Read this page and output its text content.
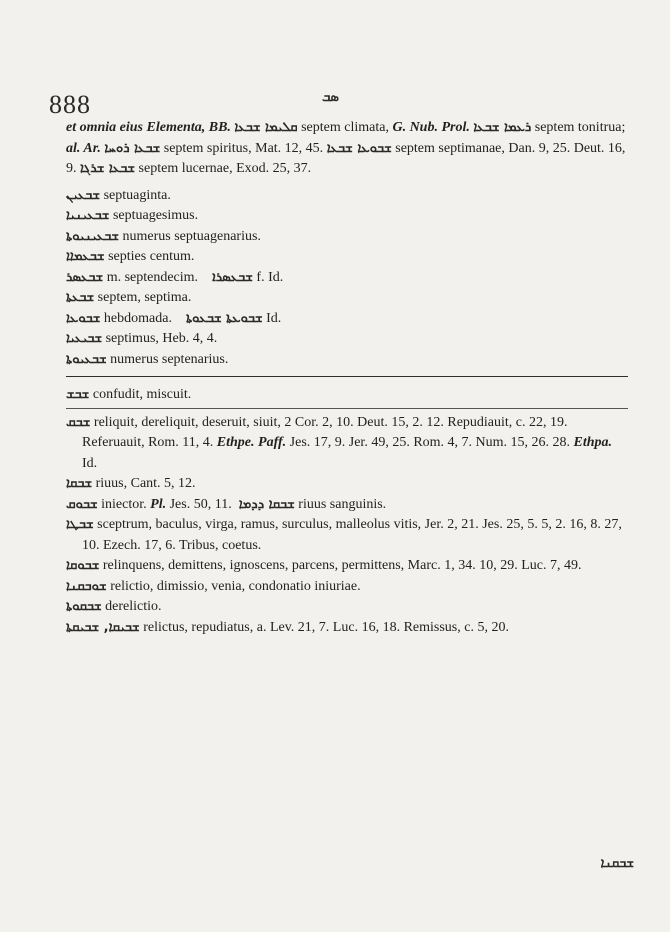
888	ܣܒ

et omnia eius Elementa, BB. ܩܠܝܡܐ ܫܒܥܐ septem climata, G. Nub. Prol. ܪܥܡܐ ܫܒܥܐ septem tonitrua; al. Ar. ܫܒܥܐ ܪܘܚܐ septem spiritus, Mat. 12, 45. ܫܒܘܥܐ ܫܒܥܐ septem septimanae, Dan. 9, 25. Deut. 16, 9. ܫܒܥܐ ܫܪܓܐ septem lucernae, Exod. 25, 37.

ܫܒܥܝܢ septuaginta.

ܫܒܥܝܢܝܐ septuagesimus.

ܫܒܥܝܢܝܘܬܐ numerus septuagenarius.

ܫܒܥܡܐܐ septies centum.

ܫܒܥܣܪ m. septendecim. ܫܒܥܣܪܐ f. Id.

ܫܒܥܬܐ septem, septima.

ܫܒܘܥܐ hebdomada. ܫܒܘܥܬܐ ܫܒܥܘܬܐ Id.

ܫܒܝܥܝܐ septimus, Heb. 4, 4.

ܫܒܥܝܘܬܐ numerus septenarius.

ܫܒܫ confudit, miscuit.

ܫܒܩ reliquit, dereliquit, deseruit, siuit, 2 Cor. 2, 10. Deut. 15, 2. 12. Repudiauit, c. 22, 19. Referuauit, Rom. 11, 4. Ethpe. Paff. Jes. 17, 9. Jer. 49, 25. Rom. 4, 7. Num. 15, 26. 28. Ethpa. Id.

ܫܒܩܐ riuus, Cant. 5, 12.

ܫܒܘܩ iniector. Pl. Jes. 50, 11. ܫܒܩܐ ܕܕܡܐ riuus sanguinis.

ܫܒܛܐ sceptrum, baculus, virga, ramus, surculus, malleolus vitis, Jer. 2, 21. Jes. 25, 5. 5, 2. 16, 8. 27, 10. Ezech. 17, 6. Tribus, coetus.

ܫܒܘܩܐ relinquens, demittens, ignoscens, parcens, permittens, Marc. 1, 34. 10, 29. Luc. 7, 49.

ܫܘܒܩܢܐ relictio, dimissio, venia, condonatio iniuriae.

ܫܒܩܘܬܐ derelictio.

ܫܒܝܩܐ, ܫܒܝܩܬܐ relictus, repudiatus, a. Lev. 21, 7. Luc. 16, 18. Remissus, c. 5, 20.

ܫܒܩܢܐ
